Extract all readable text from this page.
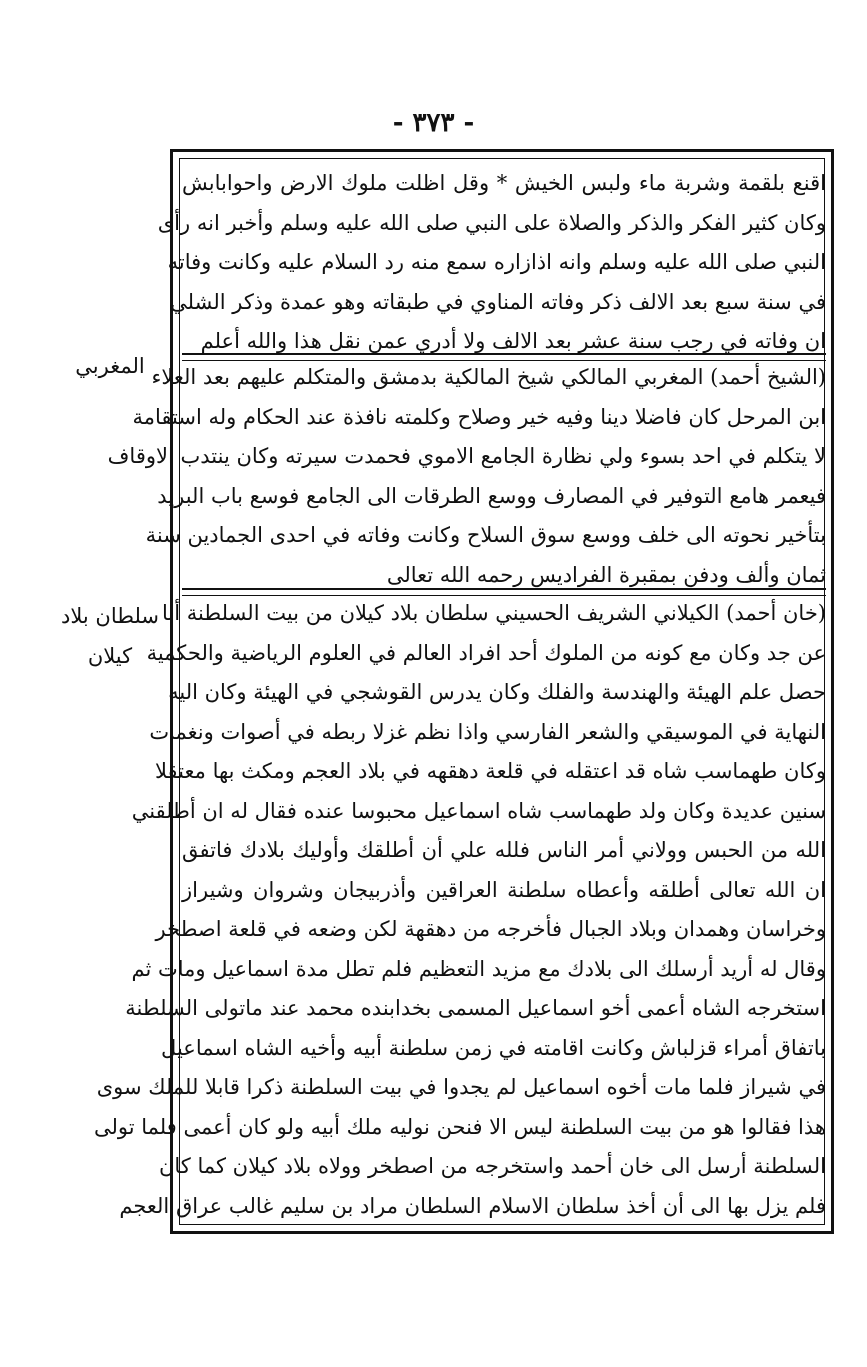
- ٣٧٣ -
اقنع بلقمة وشربة ماء ولبس الخيش * وقل اظلت ملوك الارض واحوابابش
وكان كثير الفكر والذكر والصلاة على النبي صلى الله عليه وسلم وأخبر انه رأى
النبي صلى الله عليه وسلم وانه اذازاره سمع منه رد السلام عليه وكانت وفاته
في سنة سبع بعد الالف ذكر وفاته المناوي في طبقاته وهو عمدة وذكر الشلي
ان وفاته في رجب سنة عشر بعد الالف ولا أدري عمن نقل هذا والله أعلم
(الشيخ أحمد) المغربي المالكي شيخ المالكية بدمشق والمتكلم عليهم بعد العلاء
ابن المرحل كان فاضلا دينا وفيه خير وصلاح وكلمته نافذة عند الحكام وله استقامة
لا يتكلم في احد بسوء ولي نظارة الجامع الاموي فحمدت سيرته وكان ينتدب الاوقاف
فيعمر هامع التوفير في المصارف ووسع الطرقات الى الجامع فوسع باب البريد
بتأخير نحوته الى خلف ووسع سوق السلاح وكانت وفاته في احدى الجمادين سنة
ثمان وألف ودفن بمقبرة الفراديس رحمه الله تعالى
(خان أحمد) الكيلاني الشريف الحسيني سلطان بلاد كيلان من بيت السلطنة أبا
عن جد وكان مع كونه من الملوك أحد افراد العالم في العلوم الرياضية والحكمية
حصل علم الهيئة والهندسة والفلك وكان يدرس القوشجي في الهيئة وكان اليه
النهاية في الموسيقي والشعر الفارسي واذا نظم غزلا ربطه في أصوات ونغمات
وكان طهماسب شاه قد اعتقله في قلعة دهقهه في بلاد العجم ومكث بها معتقلا
سنين عديدة وكان ولد طهماسب شاه اسماعيل محبوسا عنده فقال له ان أطلقني
الله من الحبس وولاني أمر الناس فلله علي أن أطلقك وأوليك بلادك فاتفق
ان الله تعالى أطلقه وأعطاه سلطنة العراقين وأذربيجان وشروان وشيراز
وخراسان وهمدان وبلاد الجبال فأخرجه من دهقهة لكن وضعه في قلعة اصطخر
وقال له أريد أرسلك الى بلادك مع مزيد التعظيم فلم تطل مدة اسماعيل ومات ثم
استخرجه الشاه أعمى أخو اسماعيل المسمى بخدابنده محمد عند ماتولى السلطنة
باتفاق أمراء قزلباش وكانت اقامته في زمن سلطنة أبيه وأخيه الشاه اسماعيل
في شيراز فلما مات أخوه اسماعيل لم يجدوا في بيت السلطنة ذكرا قابلا للملك سوى
هذا فقالوا هو من بيت السلطنة ليس الا فنحن نوليه ملك أبيه ولو كان أعمى فلما تولى
السلطنة أرسل الى خان أحمد واستخرجه من اصطخر وولاه بلاد كيلان كما كان
فلم يزل بها الى أن أخذ سلطان الاسلام السلطان مراد بن سليم غالب عراق العجم
المغربي
سلطان بلاد
كيلان
